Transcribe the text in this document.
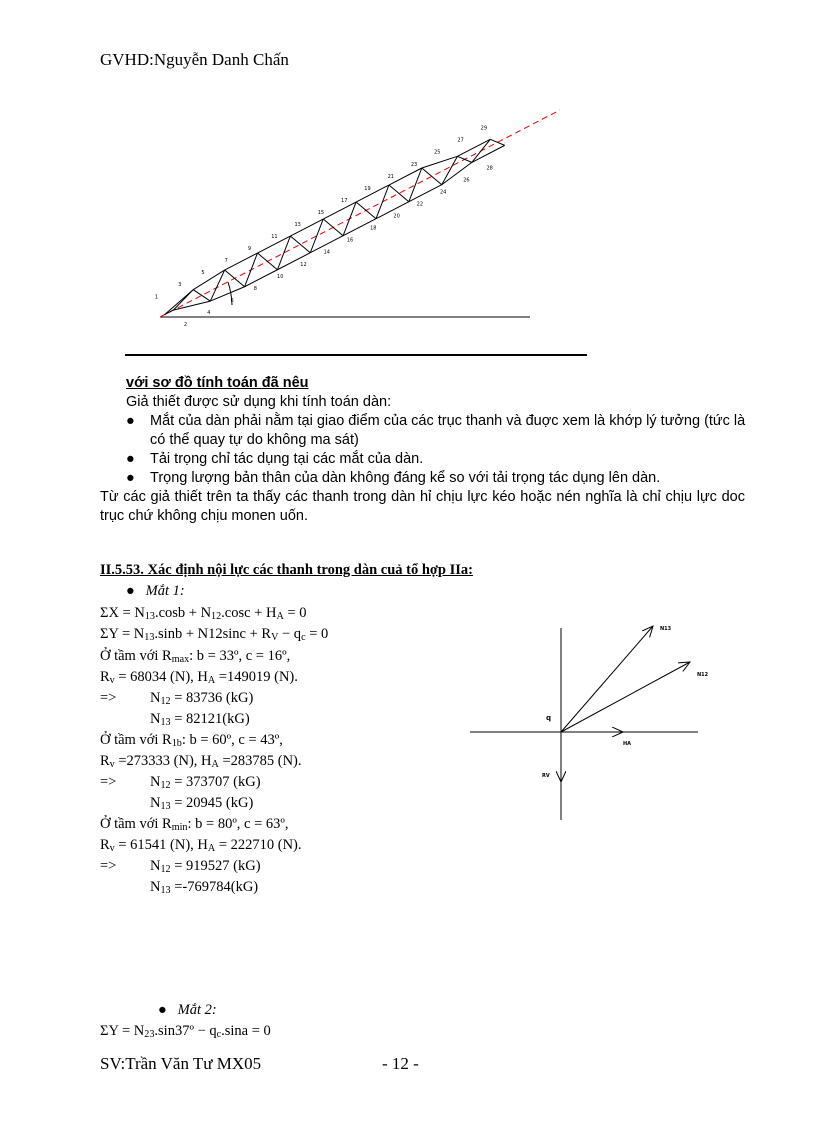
GVHD:Nguyễn Danh Chấn
1
2
3
4
5
6
7
8
9
10
11
12
13
14
15
16
17
18
19
20
21
22
23
24
25
26
27
28
29
với sơ đồ tính toán đã nêu
Giả thiết được sử dụng khi tính toán dàn:
● Mắt của dàn phải nằm tại giao điểm của các trục thanh và đuợc xem là khớp lý tưởng (tức là có thể quay tự do không ma sát)
● Tải trọng chỉ tác dụng tại các mắt của dàn.
● Trọng lượng bản thân của dàn không đáng kể so với tải trọng tác dụng lên dàn.
Từ các giả thiết trên ta thấy các thanh trong dàn hỉ chịu lực kéo hoặc nén nghĩa là chỉ chịu lực doc trục chứ không chịu monen uốn.
II.5.53. Xác định nội lực các thanh trong dàn cuả tổ hợp IIa:
● Mắt 1:
$\Sigma X = N_{13}.\cos b + N_{12}.\cos c + H_A = 0$
$\Sigma Y = N_{13}.\sin b + N12\sin c + R_V - q_c = 0$
Ở tầm với $R_{max}$: b = 33º, c = 16º,
$R_v = 68034$ (N), $H_A =149019$ (N).
=> $N_{12} = 83736$ (kG)
$N_{13} = 82121(kG)$
Ở tầm với $R_{1b}$: b = 60º, c = 43º,
$R_v =273333$ (N), $H_A =283785$ (N).
=> $N_{12} = 373707$ (kG)
$N_{13} = 20945$ (kG)
Ở tầm với $R_{min}$: b = 80º, c = 63º,
$R_v = 61541$ (N), $H_A = 222710$ (N).
=> $N_{12} = 919527$ (kG)
$N_{13} =-769784(kG)$
N13
N12
q
HA
RV
● Mắt 2:
$\Sigma Y = N_{23}.\sin 37º - q_c.\sin a = 0$
SV:Trần Văn Tư MX05	- 12 -
